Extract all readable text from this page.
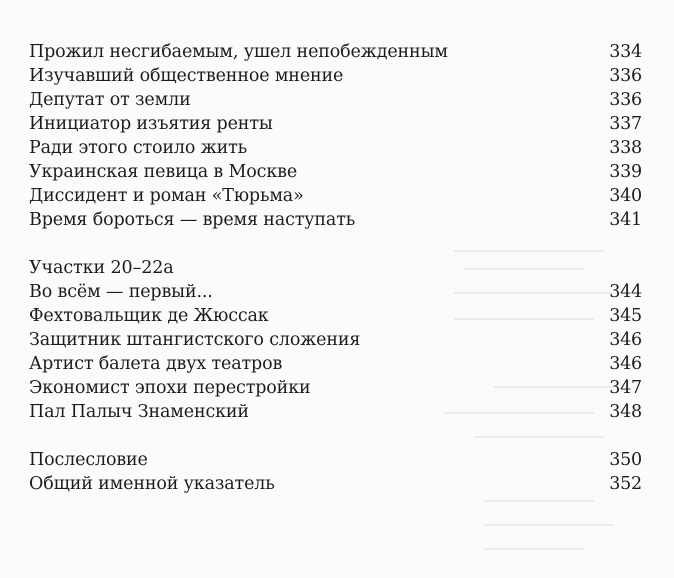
Прожил несгибаемым, ушел непобежденным	334
Изучавший общественное мнение	336
Депутат от земли	336
Инициатор изъятия ренты	337
Ради этого стоило жить	338
Украинская певица в Москве	339
Диссидент и роман «Тюрьма»	340
Время бороться — время наступать	341
Участки 20–22а
Во всём — первый...	344
Фехтовальщик де Жюссак	345
Защитник штангистского сложения	346
Артист балета двух театров	346
Экономист эпохи перестройки	347
Пал Палыч Знаменский	348
Послесловие	350
Общий именной указатель	352
